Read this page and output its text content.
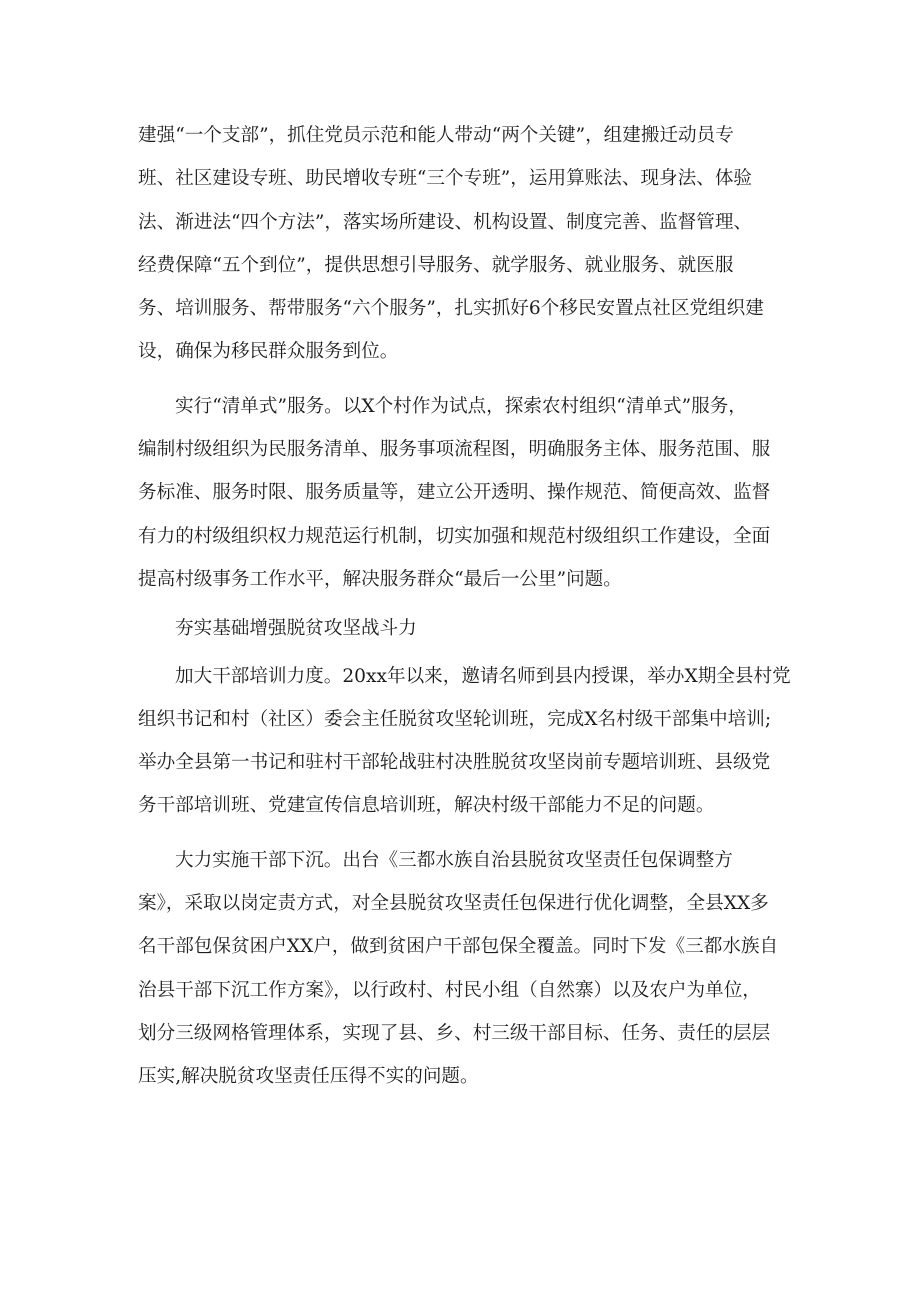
建强“一个支部”，抓住党员示范和能人带动“两个关键”，组建搬迁动员专
班、社区建设专班、助民增收专班“三个专班”，运用算账法、现身法、体验
法、渐进法“四个方法”，落实场所建设、机构设置、制度完善、监督管理、
经费保障“五个到位”，提供思想引导服务、就学服务、就业服务、就医服
务、培训服务、帮带服务“六个服务”，扎实抓好6个移民安置点社区党组织建
设，确保为移民群众服务到位。
实行“清单式”服务。以X个村作为试点，探索农村组织“清单式”服务，
编制村级组织为民服务清单、服务事项流程图，明确服务主体、服务范围、服
务标准、服务时限、服务质量等，建立公开透明、操作规范、简便高效、监督
有力的村级组织权力规范运行机制，切实加强和规范村级组织工作建设，全面
提高村级事务工作水平，解决服务群众“最后一公里”问题。
夯实基础增强脱贫攻坚战斗力
加大干部培训力度。20xx年以来，邀请名师到县内授课，举办X期全县村党
组织书记和村（社区）委会主任脱贫攻坚轮训班，完成X名村级干部集中培训;
举办全县第一书记和驻村干部轮战驻村决胜脱贫攻坚岗前专题培训班、县级党
务干部培训班、党建宣传信息培训班，解决村级干部能力不足的问题。
大力实施干部下沉。出台《三都水族自治县脱贫攻坚责任包保调整方
案》，采取以岗定责方式，对全县脱贫攻坚责任包保进行优化调整，全县XX多
名干部包保贫困户XX户，做到贫困户干部包保全覆盖。同时下发《三都水族自
治县干部下沉工作方案》，以行政村、村民小组（自然寨）以及农户为单位，
划分三级网格管理体系，实现了县、乡、村三级干部目标、任务、责任的层层
压实,解决脱贫攻坚责任压得不实的问题。
